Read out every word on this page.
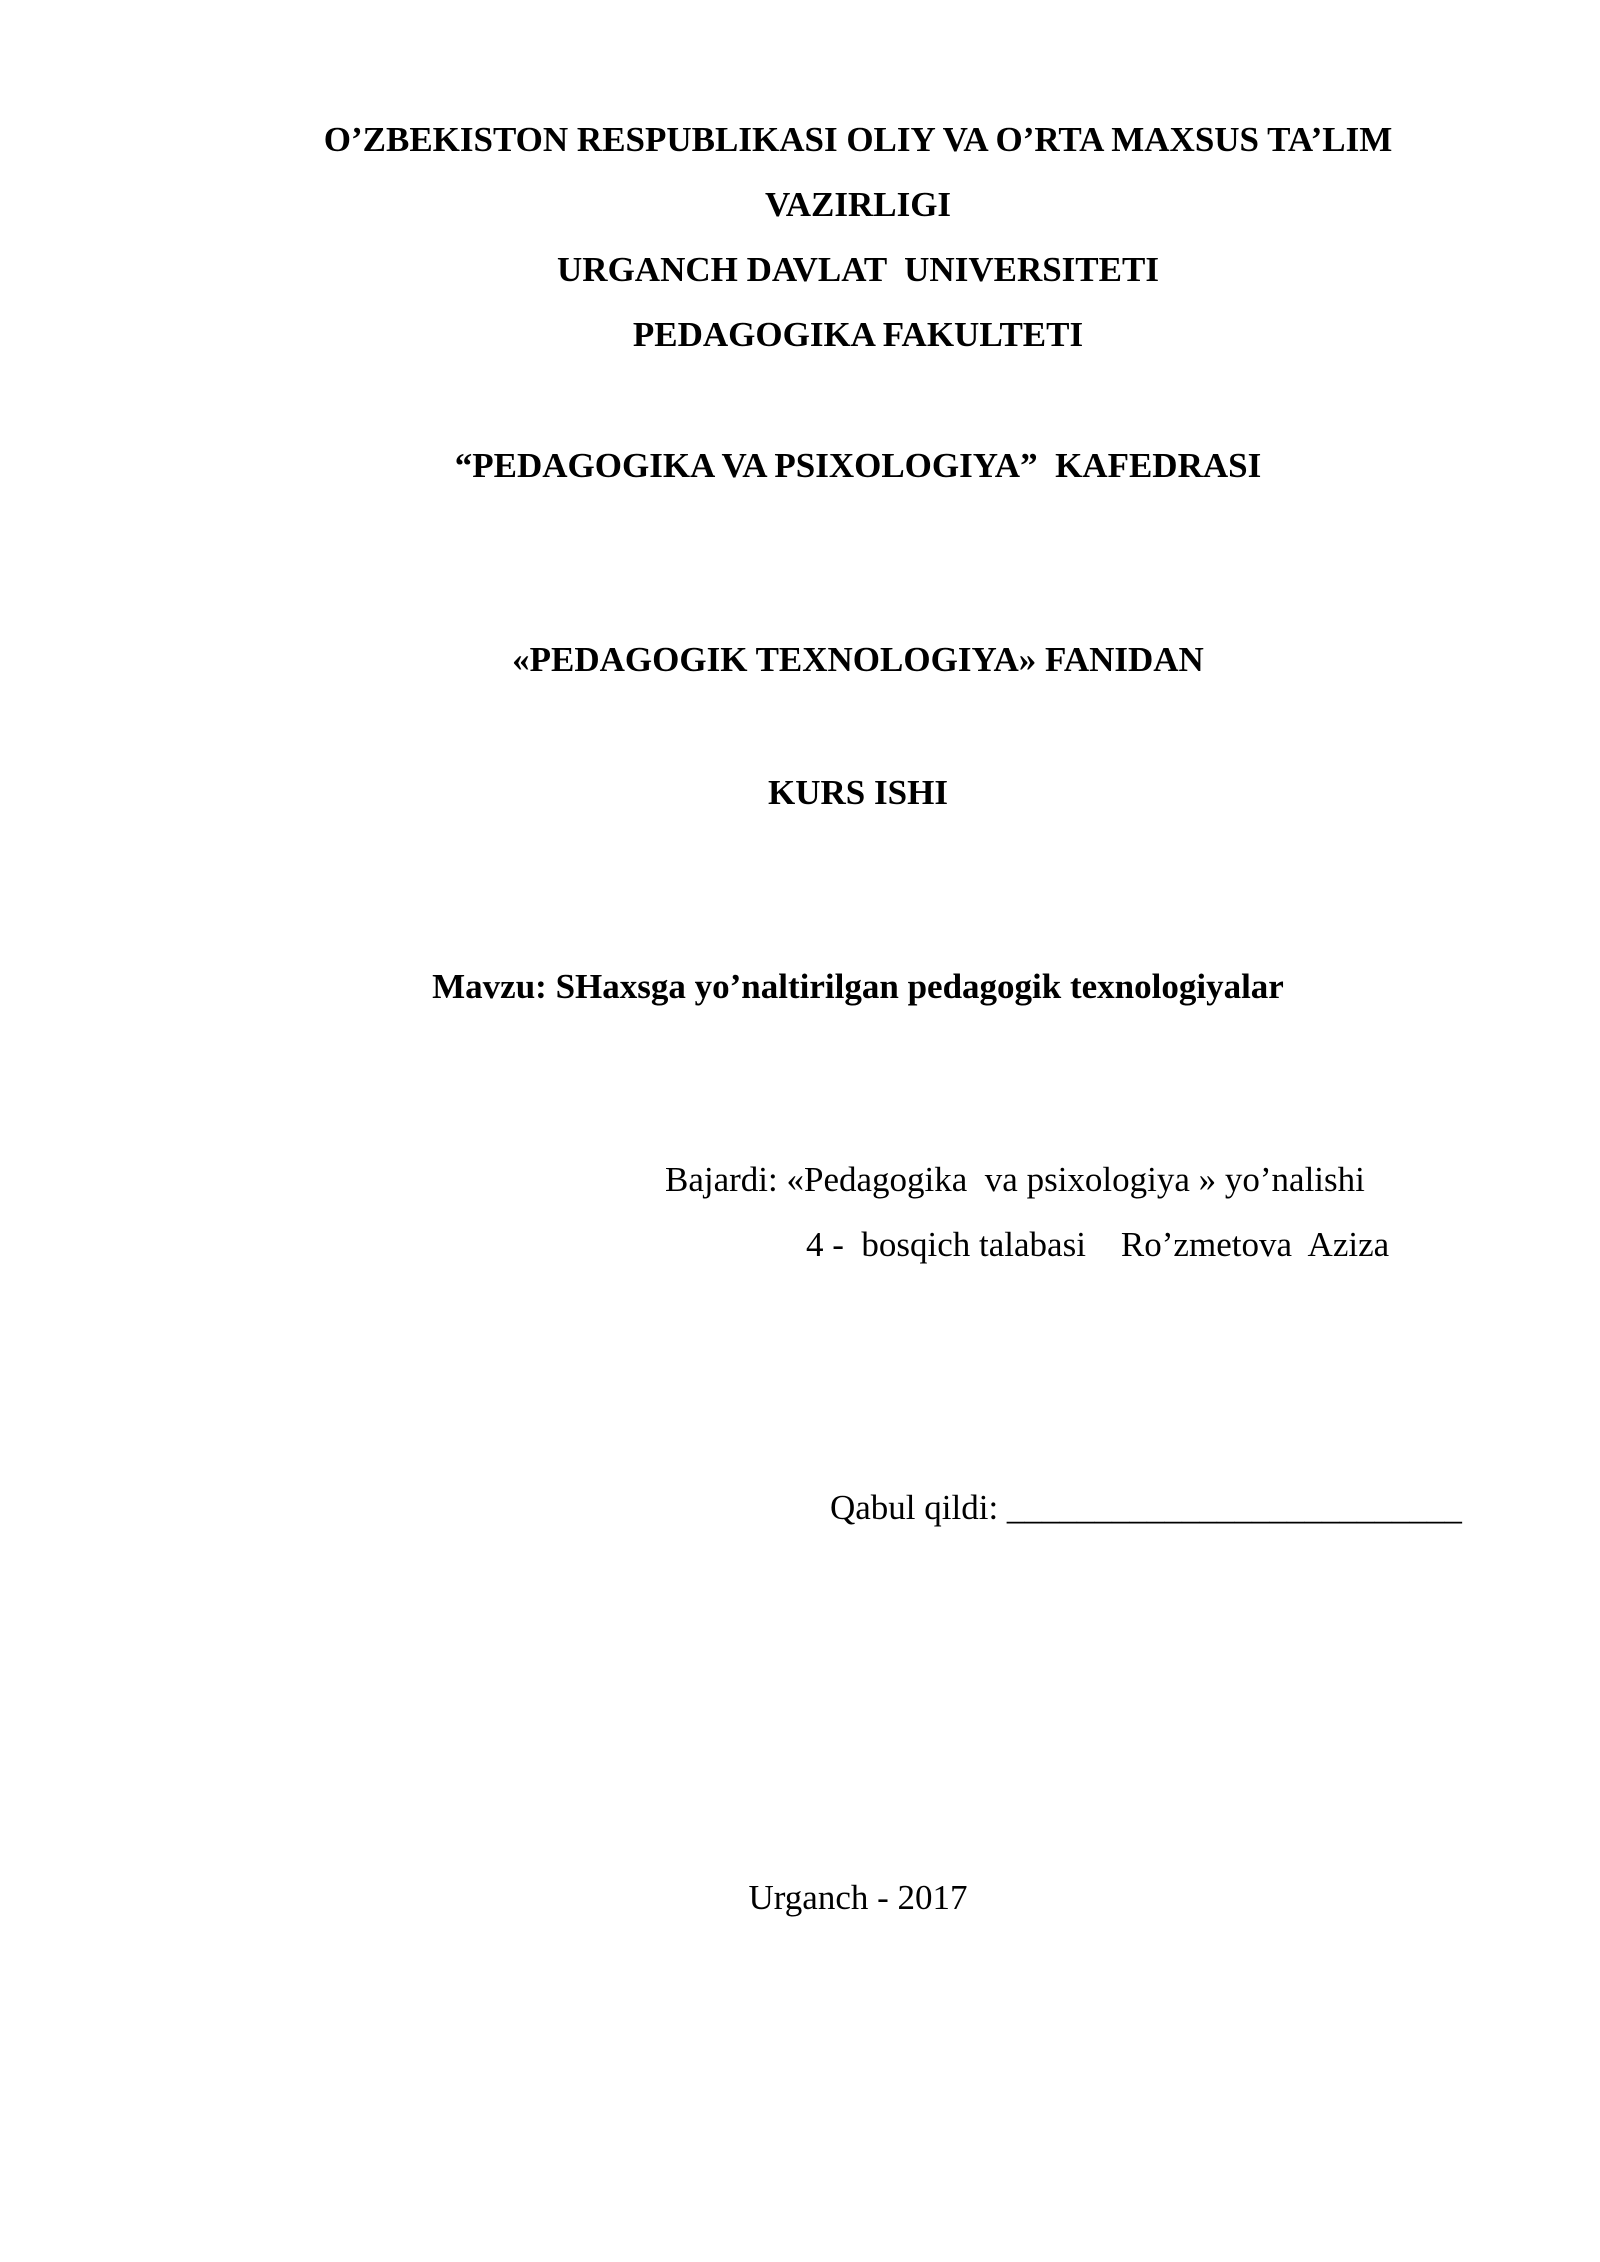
O’ZBEKISTON RESPUBLIKASI OLIY VA O’RTA MAXSUS TA’LIM
VAZIRLIGI
URGANCH DAVLAT  UNIVERSITETI
PEDAGOGIKA FAKULTETI
“PEDAGOGIKA VA PSIXOLOGIYA”  KAFEDRASI
«PEDAGOGIK TEXNOLOGIYA» FANIDAN
KURS ISHI
Mavzu: SHaxsga yo’naltirilgan pedagogik texnologiyalar
Bajardi: «Pedagogika  va psixologiya » yo’nalishi
4 -  bosqich talabasi    Ro’zmetova  Aziza
Qabul qildi: __________________________
Urganch - 2017
